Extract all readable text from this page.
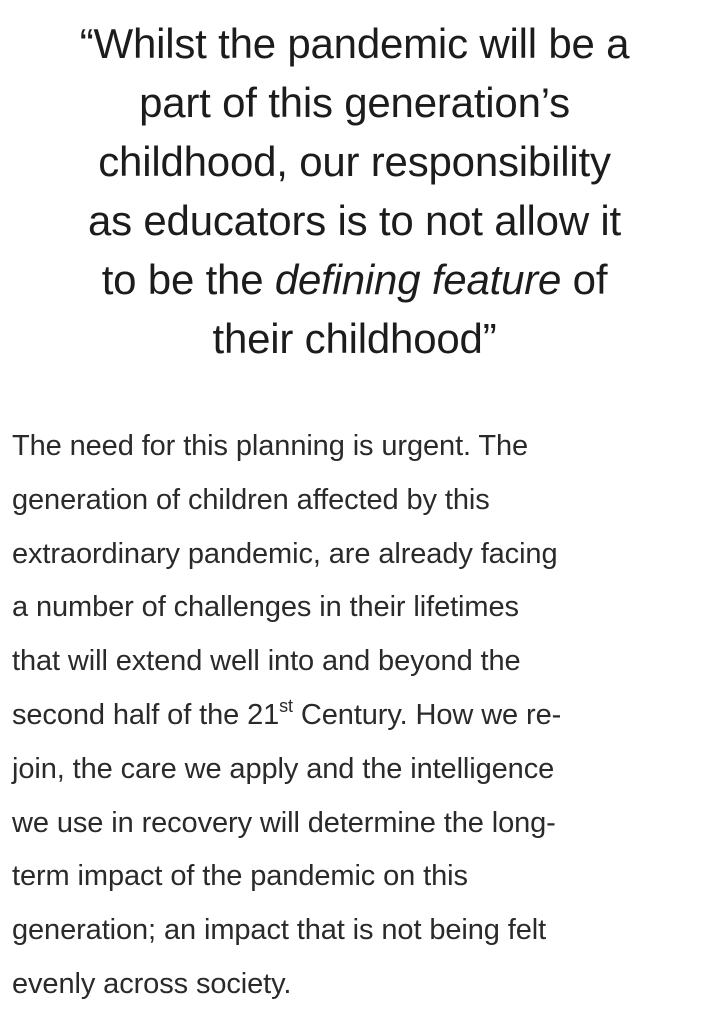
“Whilst the pandemic will be a
part of this generation’s
childhood, our responsibility
as educators is to not allow it
to be the defining feature of
their childhood”

The need for this planning is urgent. The
generation of children affected by this
extraordinary pandemic, are already facing
a number of challenges in their lifetimes
that will extend well into and beyond the
second half of the 21st Century. How we re-
join, the care we apply and the intelligence
we use in recovery will determine the long-
term impact of the pandemic on this
generation; an impact that is not being felt
evenly across society.
